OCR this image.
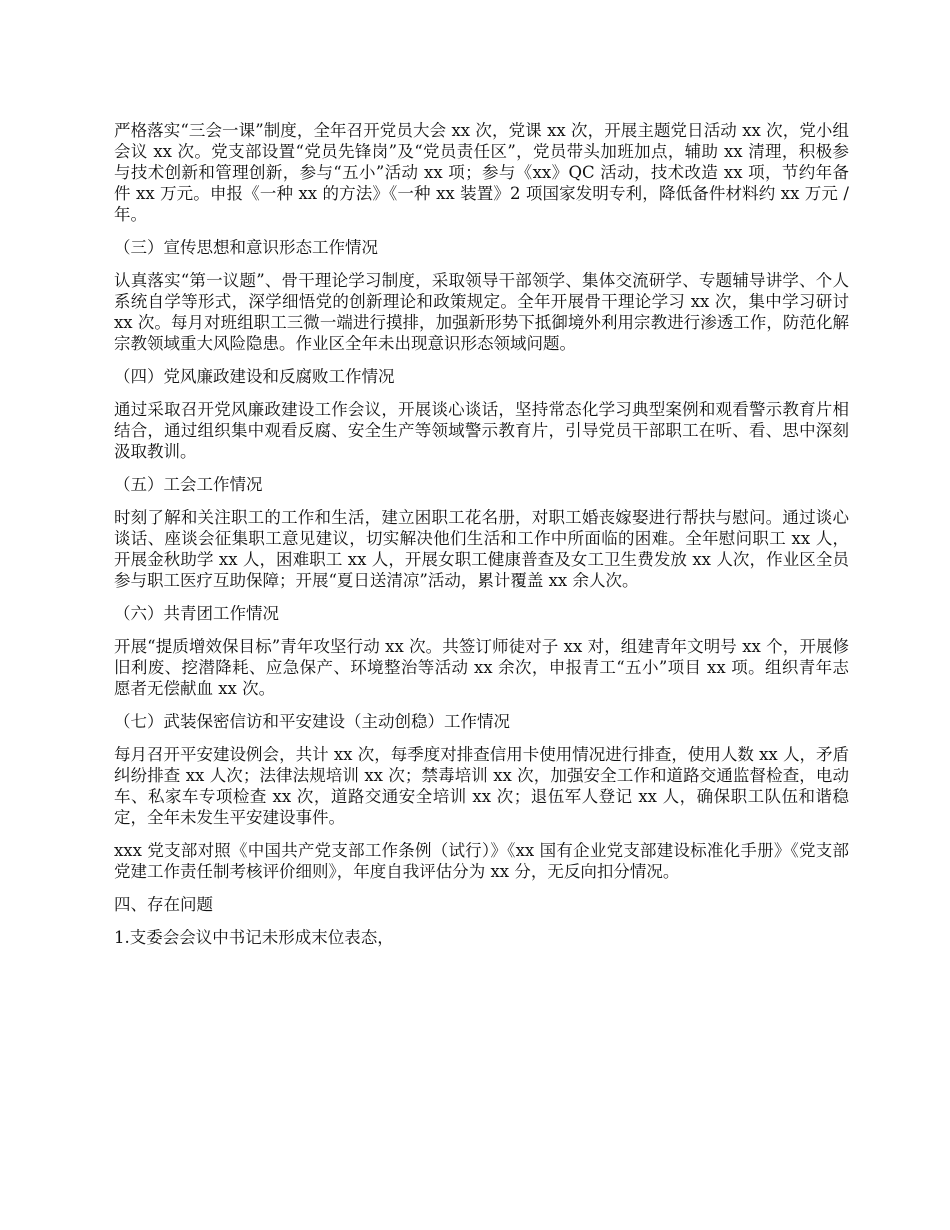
严格落实“三会一课”制度，全年召开党员大会 xx 次，党课 xx 次，开展主题党日活动 xx 次，党小组会议 xx 次。党支部设置“党员先锋岗”及“党员责任区”，党员带头加班加点，辅助 xx 清理，积极参与技术创新和管理创新，参与“五小”活动 xx 项；参与《xx》QC 活动，技术改造 xx 项，节约年备件 xx 万元。申报《一种 xx 的方法》《一种 xx 装置》2 项国家发明专利，降低备件材料约 xx 万元 / 年。

（三）宣传思想和意识形态工作情况

认真落实“第一议题”、骨干理论学习制度，采取领导干部领学、集体交流研学、专题辅导讲学、个人系统自学等形式，深学细悟党的创新理论和政策规定。全年开展骨干理论学习 xx 次，集中学习研讨 xx 次。每月对班组职工三微一端进行摸排，加强新形势下抵御境外利用宗教进行渗透工作，防范化解宗教领域重大风险隐患。作业区全年未出现意识形态领域问题。

（四）党风廉政建设和反腐败工作情况

通过采取召开党风廉政建设工作会议，开展谈心谈话，坚持常态化学习典型案例和观看警示教育片相结合，通过组织集中观看反腐、安全生产等领域警示教育片，引导党员干部职工在听、看、思中深刻汲取教训。

（五）工会工作情况

时刻了解和关注职工的工作和生活，建立困职工花名册，对职工婚丧嫁娶进行帮扶与慰问。通过谈心谈话、座谈会征集职工意见建议，切实解决他们生活和工作中所面临的困难。全年慰问职工 xx 人，开展金秋助学 xx 人，困难职工 xx 人，开展女职工健康普查及女工卫生费发放 xx 人次，作业区全员参与职工医疗互助保障；开展“夏日送清凉”活动，累计覆盖 xx 余人次。

（六）共青团工作情况

开展“提质增效保目标”青年攻坚行动 xx 次。共签订师徒对子 xx 对，组建青年文明号 xx 个，开展修旧利废、挖潜降耗、应急保产、环境整治等活动 xx 余次，申报青工“五小”项目 xx 项。组织青年志愿者无偿献血 xx 次。

（七）武装保密信访和平安建设（主动创稳）工作情况

每月召开平安建设例会，共计 xx 次，每季度对排查信用卡使用情况进行排查，使用人数 xx 人，矛盾纠纷排查 xx 人次；法律法规培训 xx 次；禁毒培训 xx 次，加强安全工作和道路交通监督检查，电动车、私家车专项检查 xx 次，道路交通安全培训 xx 次；退伍军人登记 xx 人，确保职工队伍和谐稳定，全年未发生平安建设事件。

xxx 党支部对照《中国共产党支部工作条例（试行）》《xx 国有企业党支部建设标准化手册》《党支部党建工作责任制考核评价细则》，年度自我评估分为 xx 分，无反向扣分情况。

四、存在问题

1.支委会会议中书记未形成末位表态，
